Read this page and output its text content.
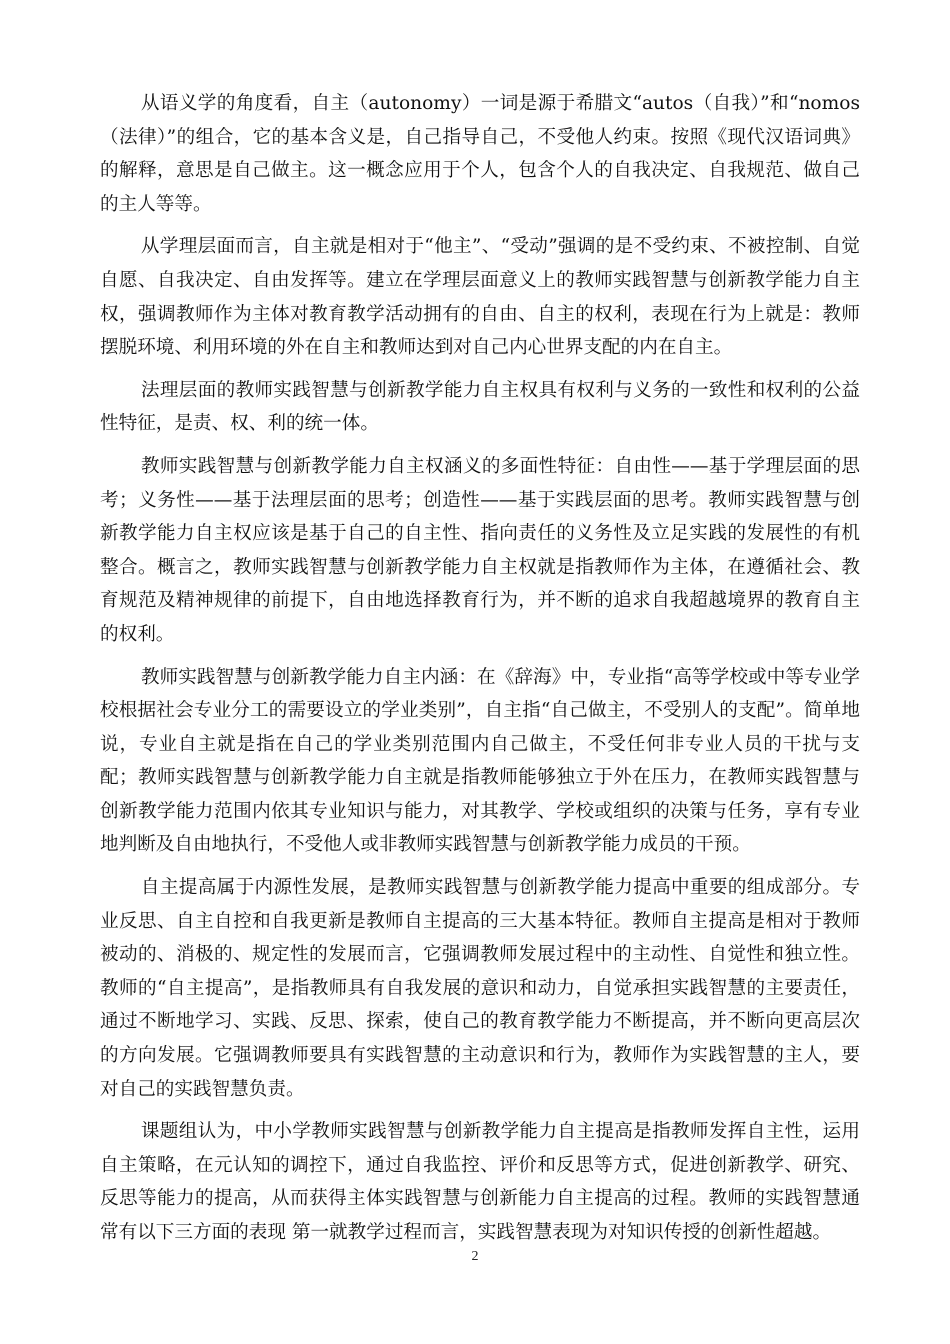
从语义学的角度看，自主（autonomy）一词是源于希腊文“autos（自我）”和“nomos（法律）”的组合，它的基本含义是，自己指导自己，不受他人约束。按照《现代汉语词典》的解释，意思是自己做主。这一概念应用于个人，包含个人的自我决定、自我规范、做自己的主人等等。

从学理层面而言，自主就是相对于“他主”、“受动”强调的是不受约束、不被控制、自觉自愿、自我决定、自由发挥等。建立在学理层面意义上的教师实践智慧与创新教学能力自主权，强调教师作为主体对教育教学活动拥有的自由、自主的权利，表现在行为上就是：教师摆脱环境、利用环境的外在自主和教师达到对自己内心世界支配的内在自主。

法理层面的教师实践智慧与创新教学能力自主权具有权利与义务的一致性和权利的公益性特征，是责、权、利的统一体。

教师实践智慧与创新教学能力自主权涵义的多面性特征：自由性——基于学理层面的思考；义务性——基于法理层面的思考；创造性——基于实践层面的思考。教师实践智慧与创新教学能力自主权应该是基于自己的自主性、指向责任的义务性及立足实践的发展性的有机整合。概言之，教师实践智慧与创新教学能力自主权就是指教师作为主体，在遵循社会、教育规范及精神规律的前提下，自由地选择教育行为，并不断的追求自我超越境界的教育自主的权利。

教师实践智慧与创新教学能力自主内涵：在《辞海》中，专业指“高等学校或中等专业学校根据社会专业分工的需要设立的学业类别”，自主指“自己做主，不受别人的支配”。简单地说，专业自主就是指在自己的学业类别范围内自己做主，不受任何非专业人员的干扰与支配；教师实践智慧与创新教学能力自主就是指教师能够独立于外在压力，在教师实践智慧与创新教学能力范围内依其专业知识与能力，对其教学、学校或组织的决策与任务，享有专业地判断及自由地执行，不受他人或非教师实践智慧与创新教学能力成员的干预。

自主提高属于内源性发展，是教师实践智慧与创新教学能力提高中重要的组成部分。专业反思、自主自控和自我更新是教师自主提高的三大基本特征。教师自主提高是相对于教师被动的、消极的、规定性的发展而言，它强调教师发展过程中的主动性、自觉性和独立性。教师的“自主提高”，是指教师具有自我发展的意识和动力，自觉承担实践智慧的主要责任，通过不断地学习、实践、反思、探索，使自己的教育教学能力不断提高，并不断向更高层次的方向发展。它强调教师要具有实践智慧的主动意识和行为，教师作为实践智慧的主人，要对自己的实践智慧负责。

课题组认为，中小学教师实践智慧与创新教学能力自主提高是指教师发挥自主性，运用自主策略，在元认知的调控下，通过自我监控、评价和反思等方式，促进创新教学、研究、反思等能力的提高，从而获得主体实践智慧与创新能力自主提高的过程。教师的实践智慧通常有以下三方面的表现 第一就教学过程而言，实践智慧表现为对知识传授的创新性超越。

2
